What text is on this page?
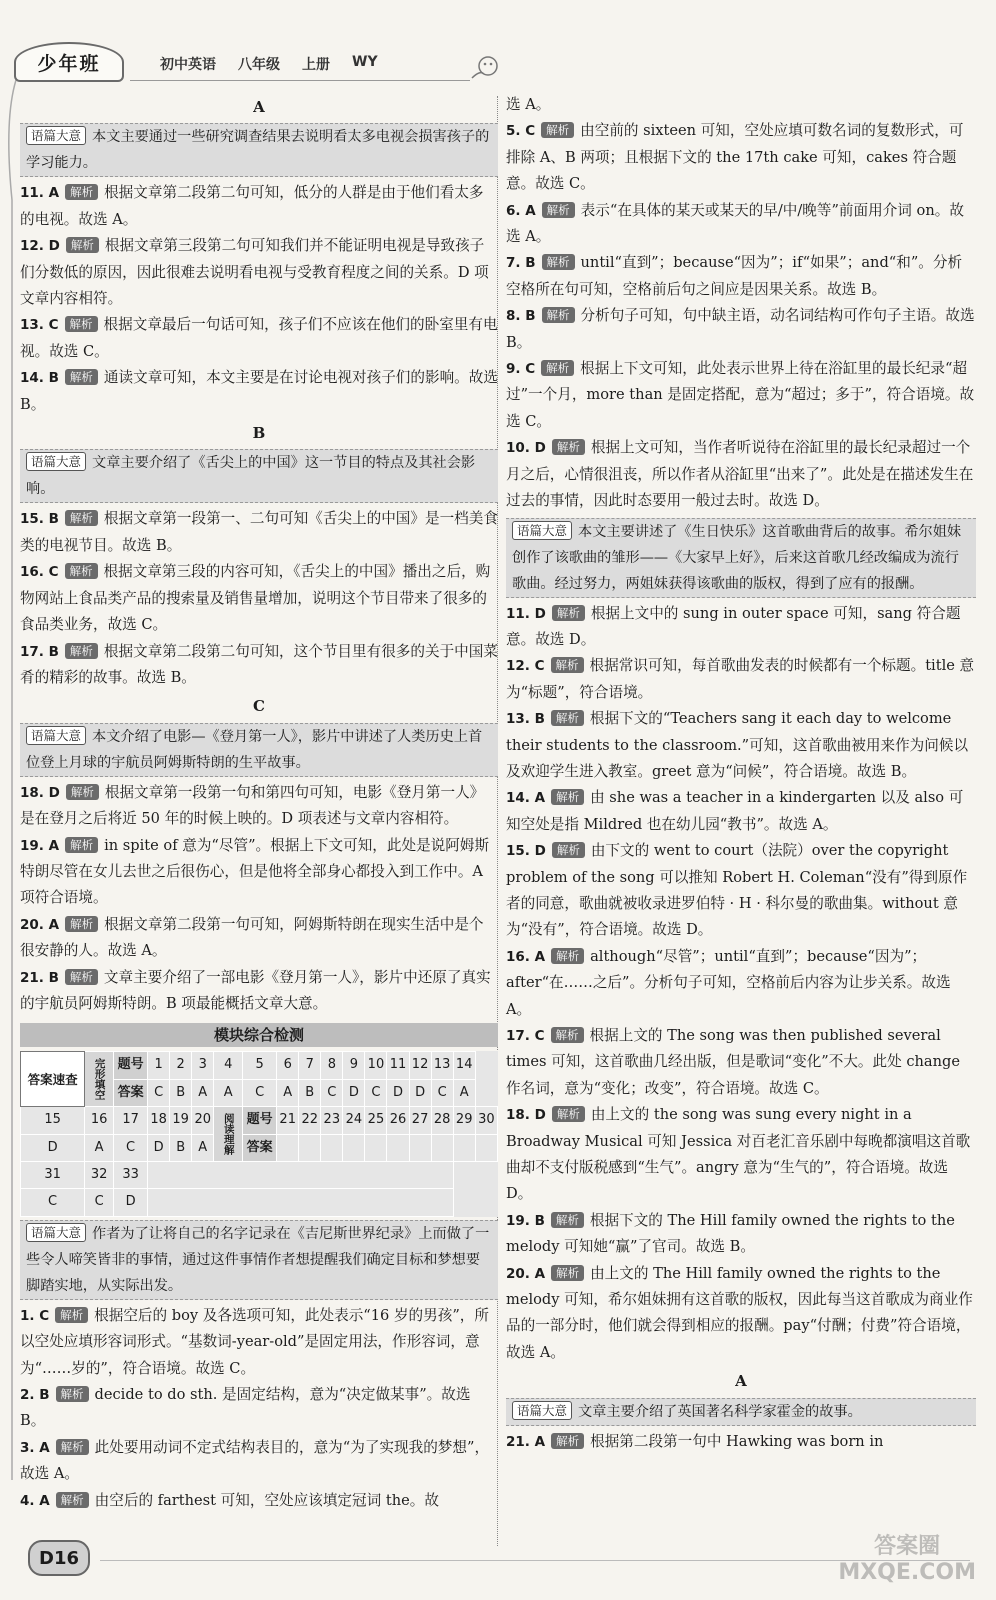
少年班	初中英语 八年级 上册 WY
A
语篇大意 本文主要通过一些研究调查结果去说明看太多电视会损害孩子的学习能力。

11. A 解析 根据文章第二段第二句可知，低分的人群是由于他们看太多的电视。故选 A。

12. D 解析 根据文章第三段第二句可知我们并不能证明电视是导致孩子们分数低的原因，因此很难去说明看电视与受教育程度之间的关系。D 项文章内容相符。

13. C 解析 根据文章最后一句话可知，孩子们不应该在他们的卧室里有电视。故选 C。

14. B 解析 通读文章可知，本文主要是在讨论电视对孩子们的影响。故选 B。

B
语篇大意 文章主要介绍了《舌尖上的中国》这一节目的特点及其社会影响。

15. B 解析 根据文章第一段第一、二句可知《舌尖上的中国》是一档美食类的电视节目。故选 B。

16. C 解析 根据文章第三段的内容可知，《舌尖上的中国》播出之后，购物网站上食品类产品的搜索量及销售量增加，说明这个节目带来了很多的食品类业务，故选 C。

17. B 解析 根据文章第二段第二句可知，这个节目里有很多的关于中国菜肴的精彩的故事。故选 B。

C
语篇大意 本文介绍了电影—《登月第一人》，影片中讲述了人类历史上首位登上月球的宇航员阿姆斯特朗的生平故事。

18. D 解析 根据文章第一段第一句和第四句可知，电影《登月第一人》是在登月之后将近 50 年的时候上映的。D 项表述与文章内容相符。

19. A 解析 in spite of 意为“尽管”。根据上下文可知，此处是说阿姆斯特朗尽管在女儿去世之后很伤心，但是他将全部身心都投入到工作中。A 项符合语境。

20. A 解析 根据文章第二段第一句可知，阿姆斯特朗在现实生活中是个很安静的人。故选 A。

21. B 解析 文章主要介绍了一部电影《登月第一人》，影片中还原了真实的宇航员阿姆斯特朗。B 项最能概括文章大意。

模块综合检测
答案速查	完形填空	题号	1	2	3	4	5	6	7	8	9	10	11	12	13	14	
		答案	C	B	A	A	C	A	B	C	D	C	D	D	C	A	
15	16	17	18	19	20	阅读理解	题号	21	22	23	24	25	26	27	28	29	30
D	A	C	D	B	A		答案										
31	32	33															
C	C	D															
语篇大意 作者为了让将自己的名字记录在《吉尼斯世界纪录》上而做了一些令人啼笑皆非的事情，通过这件事情作者想提醒我们确定目标和梦想要脚踏实地，从实际出发。

1. C 解析 根据空后的 boy 及各选项可知，此处表示“16 岁的男孩”，所以空处应填形容词形式。“基数词-year-old”是固定用法，作形容词，意为“……岁的”，符合语境。故选 C。

2. B 解析 decide to do sth. 是固定结构，意为“决定做某事”。故选 B。

3. A 解析 此处要用动词不定式结构表目的，意为“为了实现我的梦想”，故选 A。

4. A 解析 由空后的 farthest 可知，空处应该填定冠词 the。故

选 A。

5. C 解析 由空前的 sixteen 可知，空处应填可数名词的复数形式，可排除 A、B 两项；且根据下文的 the 17th cake 可知，cakes 符合题意。故选 C。

6. A 解析 表示“在具体的某天或某天的早/中/晚等”前面用介词 on。故选 A。

7. B 解析 until“直到”；because“因为”；if“如果”；and“和”。分析空格所在句可知，空格前后句之间应是因果关系。故选 B。

8. B 解析 分析句子可知，句中缺主语，动名词结构可作句子主语。故选 B。

9. C 解析 根据上下文可知，此处表示世界上待在浴缸里的最长纪录“超过”一个月，more than 是固定搭配，意为“超过；多于”，符合语境。故选 C。

10. D 解析 根据上文可知，当作者听说待在浴缸里的最长纪录超过一个月之后，心情很沮丧，所以作者从浴缸里“出来了”。此处是在描述发生在过去的事情，因此时态要用一般过去时。故选 D。

语篇大意 本文主要讲述了《生日快乐》这首歌曲背后的故事。希尔姐妹创作了该歌曲的雏形——《大家早上好》，后来这首歌几经改编成为流行歌曲。经过努力，两姐妹获得该歌曲的版权，得到了应有的报酬。

11. D 解析 根据上文中的 sung in outer space 可知，sang 符合题意。故选 D。

12. C 解析 根据常识可知，每首歌曲发表的时候都有一个标题。title 意为“标题”，符合语境。

13. B 解析 根据下文的“Teachers sang it each day to welcome their students to the classroom.”可知，这首歌曲被用来作为问候以及欢迎学生进入教室。greet 意为“问候”，符合语境。故选 B。

14. A 解析 由 she was a teacher in a kindergarten 以及 also 可知空处是指 Mildred 也在幼儿园“教书”。故选 A。

15. D 解析 由下文的 went to court（法院）over the copyright problem of the song 可以推知 Robert H. Coleman“没有”得到原作者的同意，歌曲就被收录进罗伯特 · H · 科尔曼的歌曲集。without 意为“没有”，符合语境。故选 D。

16. A 解析 although“尽管”；until“直到”；because“因为”；after“在……之后”。分析句子可知，空格前后内容为让步关系。故选 A。

17. C 解析 根据上文的 The song was then published several times 可知，这首歌曲几经出版，但是歌词“变化”不大。此处 change 作名词，意为“变化；改变”，符合语境。故选 C。

18. D 解析 由上文的 the song was sung every night in a Broadway Musical 可知 Jessica 对百老汇音乐剧中每晚都演唱这首歌曲却不支付版税感到“生气”。angry 意为“生气的”，符合语境。故选 D。

19. B 解析 根据下文的 The Hill family owned the rights to the melody 可知她“赢”了官司。故选 B。

20. A 解析 由上文的 The Hill family owned the rights to the melody 可知，希尔姐妹拥有这首歌的版权，因此每当这首歌成为商业作品的一部分时，他们就会得到相应的报酬。pay“付酬；付费”符合语境，故选 A。

A
语篇大意 文章主要介绍了英国著名科学家霍金的故事。

21. A 解析 根据第二段第一句中 Hawking was born in

D16	答案圈
MXQE.COM
